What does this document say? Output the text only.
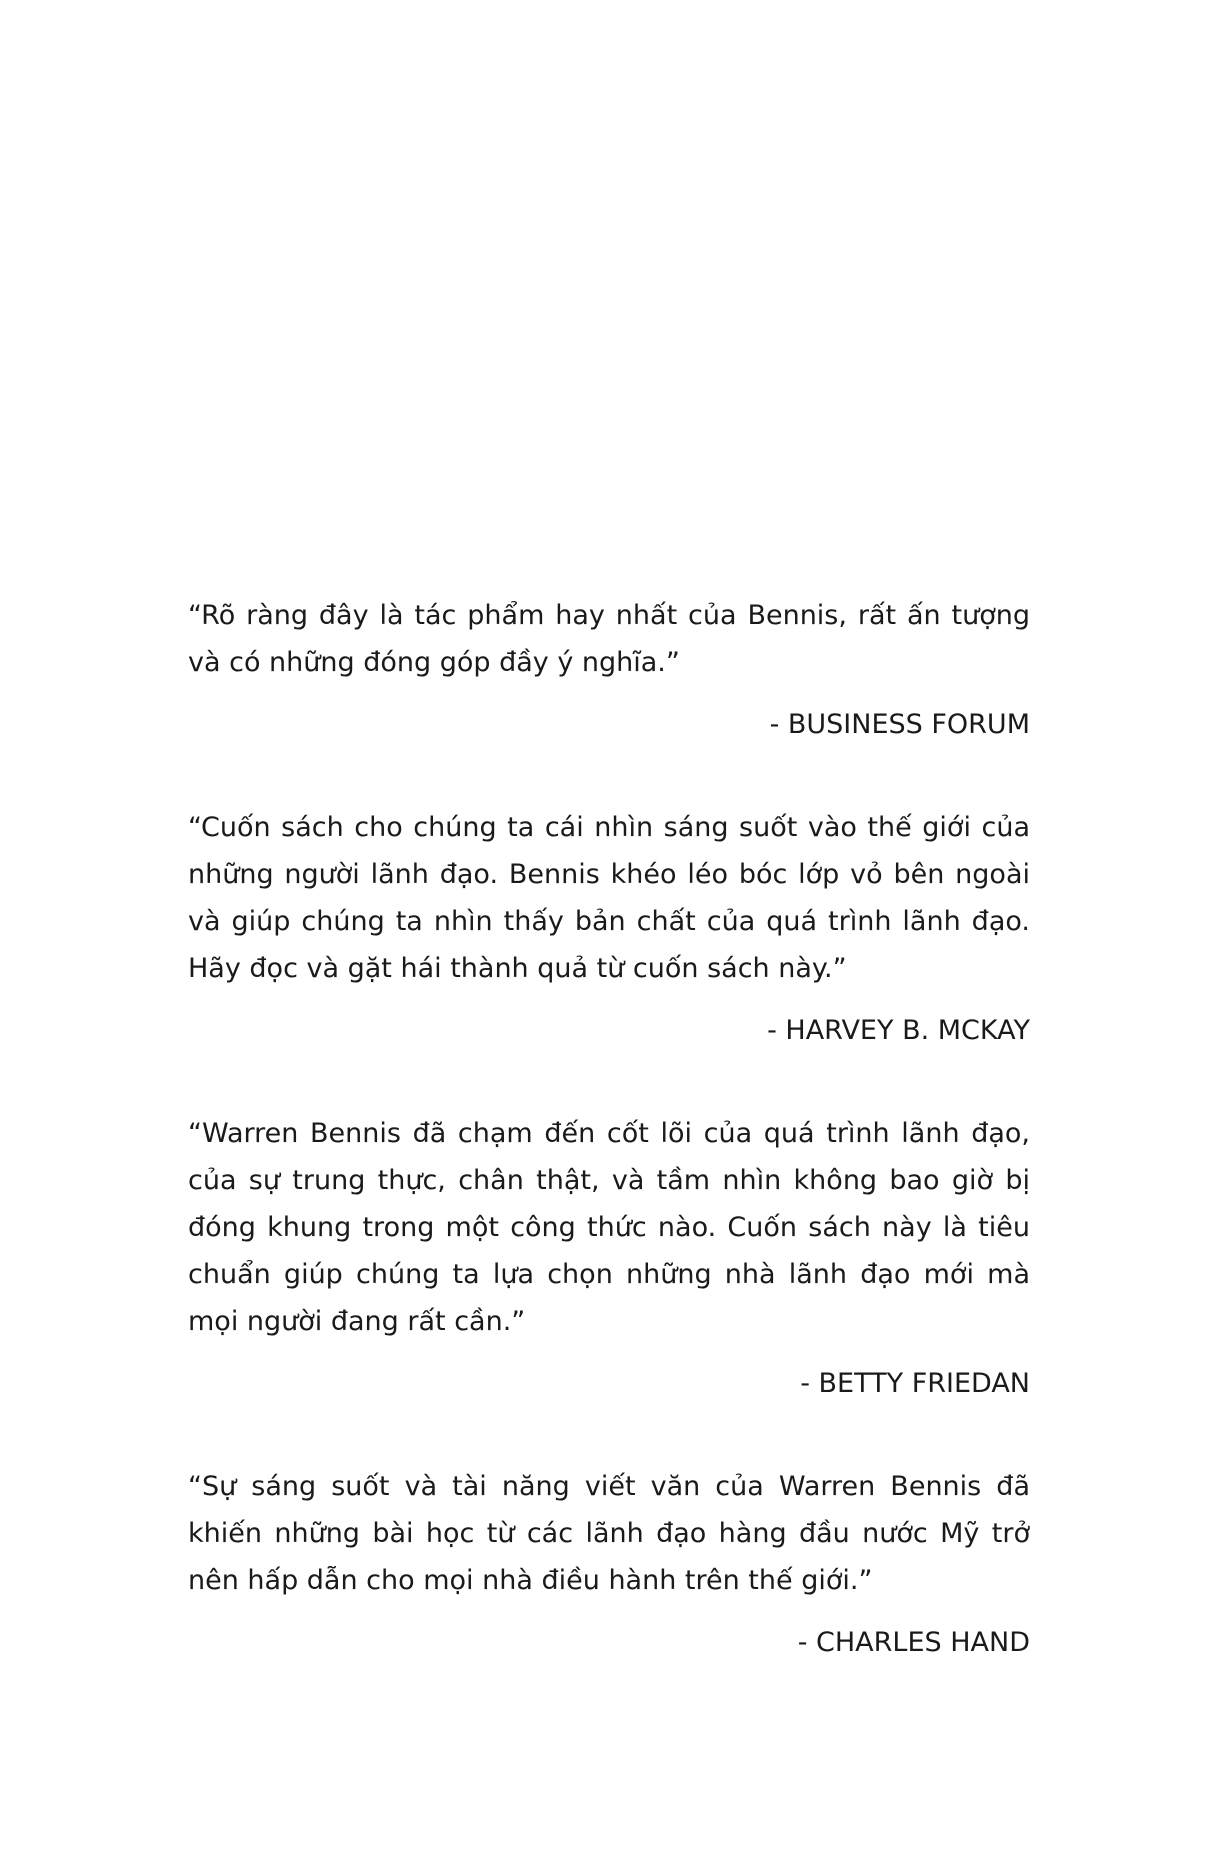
“Rõ ràng đây là tác phẩm hay nhất của Bennis, rất ấn tượng và có những đóng góp đầy ý nghĩa.”

- BUSINESS FORUM

“Cuốn sách cho chúng ta cái nhìn sáng suốt vào thế giới của những người lãnh đạo. Bennis khéo léo bóc lớp vỏ bên ngoài và giúp chúng ta nhìn thấy bản chất của quá trình lãnh đạo. Hãy đọc và gặt hái thành quả từ cuốn sách này.”

- HARVEY B. MCKAY

“Warren Bennis đã chạm đến cốt lõi của quá trình lãnh đạo, của sự trung thực, chân thật, và tầm nhìn không bao giờ bị đóng khung trong một công thức nào. Cuốn sách này là tiêu chuẩn giúp chúng ta lựa chọn những nhà lãnh đạo mới mà mọi người đang rất cần.”

- BETTY FRIEDAN

“Sự sáng suốt và tài năng viết văn của Warren Bennis đã khiến những bài học từ các lãnh đạo hàng đầu nước Mỹ trở nên hấp dẫn cho mọi nhà điều hành trên thế giới.”

- CHARLES HAND
